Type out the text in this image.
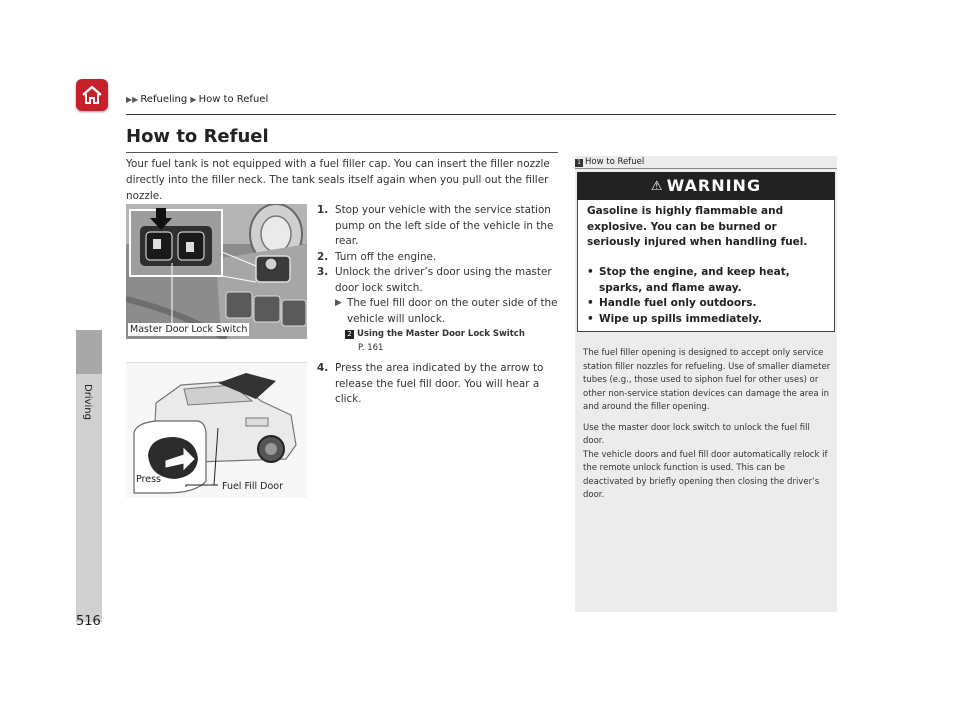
▶▶ Refueling ▶ How to Refuel
Driving
516
How to Refuel
Your fuel tank is not equipped with a fuel filler cap. You can insert the filler nozzle directly into the filler neck. The tank seals itself again when you pull out the filler nozzle.
Master Door Lock Switch
Press
Fuel Fill Door
1. Stop your vehicle with the service station pump on the left side of the vehicle in the rear.
2. Turn off the engine.
3. Unlock the driver’s door using the master door lock switch.
▶ The fuel fill door on the outer side of the vehicle will unlock.
2 Using the Master Door Lock Switch
P. 161
4. Press the area indicated by the arrow to release the fuel fill door. You will hear a click.
1 How to Refuel
⚠ WARNING
Gasoline is highly flammable and explosive. You can be burned or seriously injured when handling fuel.
• Stop the engine, and keep heat, sparks, and flame away.
• Handle fuel only outdoors.
• Wipe up spills immediately.

The fuel filler opening is designed to accept only service station filler nozzles for refueling. Use of smaller diameter tubes (e.g., those used to siphon fuel for other uses) or other non-service station devices can damage the area in and around the filler opening.

Use the master door lock switch to unlock the fuel fill door.

The vehicle doors and fuel fill door automatically relock if the remote unlock function is used. This can be deactivated by briefly opening then closing the driver’s door.
